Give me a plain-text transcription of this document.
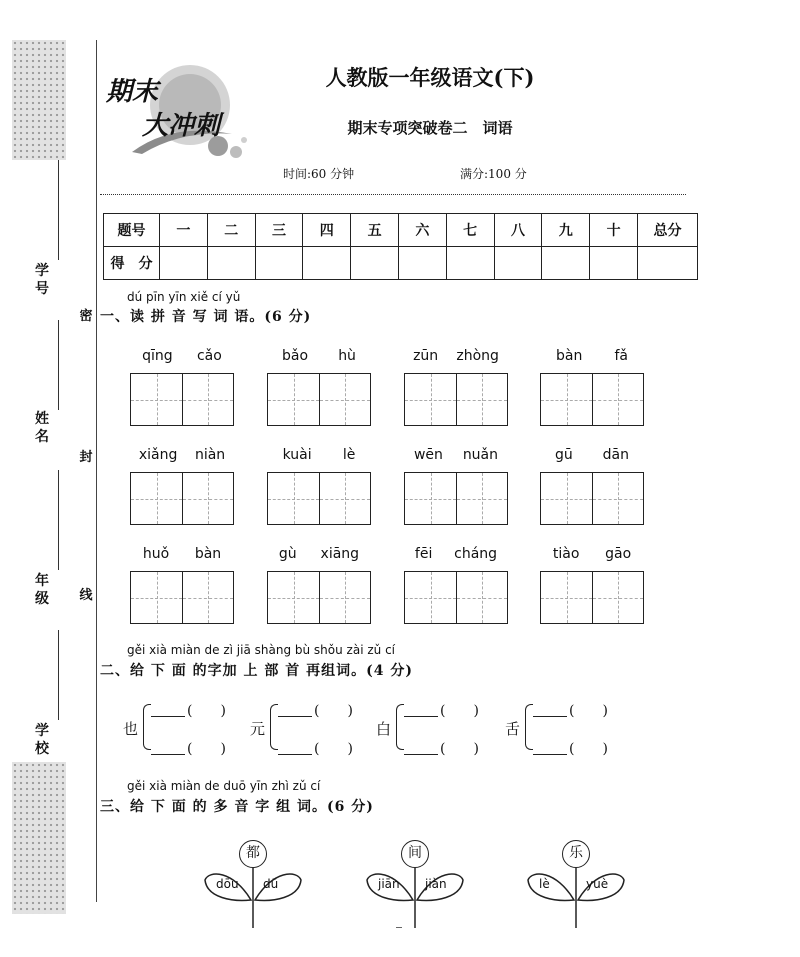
学号
姓名
年级
学校
密
封
线
期末
大冲刺
人教版一年级语文(下)
期末专项突破卷二　词语
时间:60 分钟	满分:100 分
题号	一	二	三	四	五	六	七	八	九	十	总分
得　分											
dú pīn yīn xiě cí yǔ
一、读 拼 音 写 词 语。(6 分)
qīng cǎo	bǎo hù	zūn zhòng	bàn fǎ
xiǎng niàn	kuài lè	wēn nuǎn	gū dān
huǒ bàn	gù xiāng	fēi cháng	tiào gāo
gěi xià miàn de zì jiā shàng bù shǒu zài zǔ cí
二、给 下 面 的字加 上 部 首 再组词。(4 分)
也
(　　)
(　　)
元
(　　)
(　　)
白
(　　)
(　　)
舌
(　　)
(　　)
gěi xià miàn de duō yīn zhì zǔ cí
三、给 下 面 的 多 音 字 组 词。(6 分)
都
dōu dū
间
jiān jiàn
乐
lè	yuè
